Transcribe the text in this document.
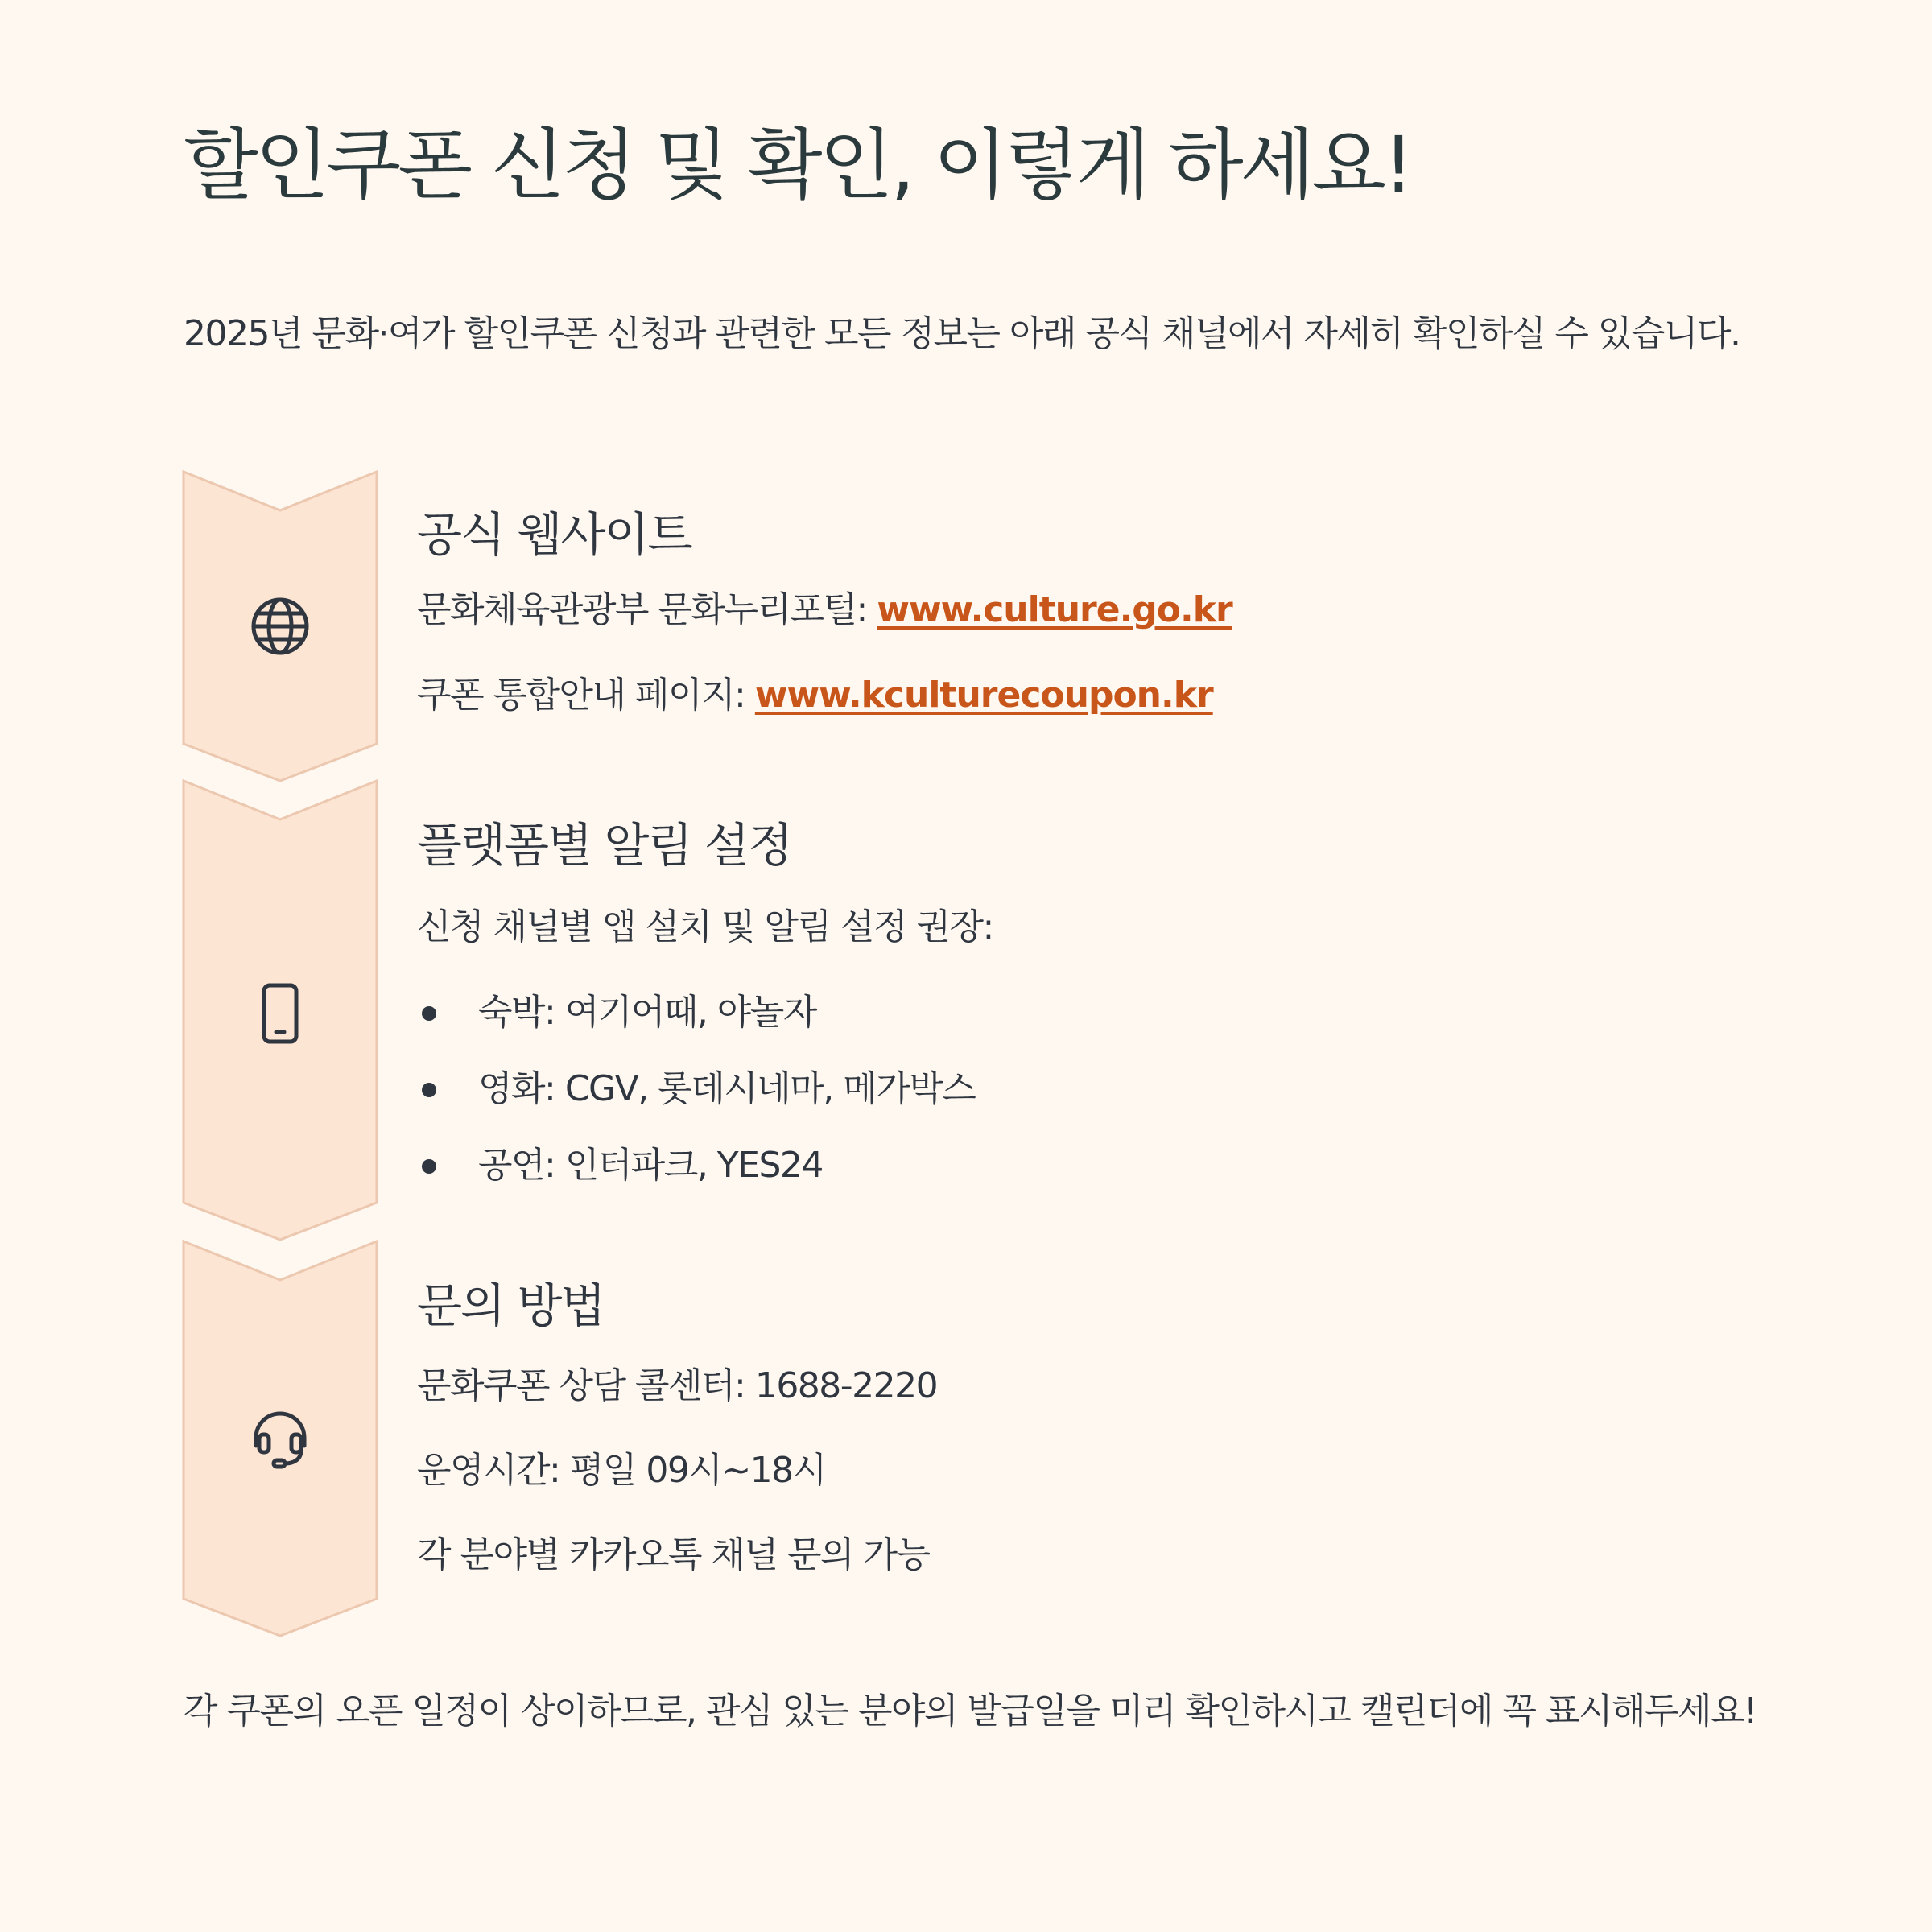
할인쿠폰 신청 및 확인, 이렇게 하세요!

2025년 문화·여가 할인쿠폰 신청과 관련한 모든 정보는 아래 공식 채널에서 자세히 확인하실 수 있습니다.

공식 웹사이트

문화체육관광부 문화누리포털: www.culture.go.kr

쿠폰 통합안내 페이지: www.kculturecoupon.kr

플랫폼별 알림 설정

신청 채널별 앱 설치 및 알림 설정 권장:

숙박: 여기어때, 야놀자
영화: CGV, 롯데시네마, 메가박스
공연: 인터파크, YES24
문의 방법

문화쿠폰 상담 콜센터: 1688-2220

운영시간: 평일 09시~18시

각 분야별 카카오톡 채널 문의 가능

각 쿠폰의 오픈 일정이 상이하므로, 관심 있는 분야의 발급일을 미리 확인하시고 캘린더에 꼭 표시해두세요!
